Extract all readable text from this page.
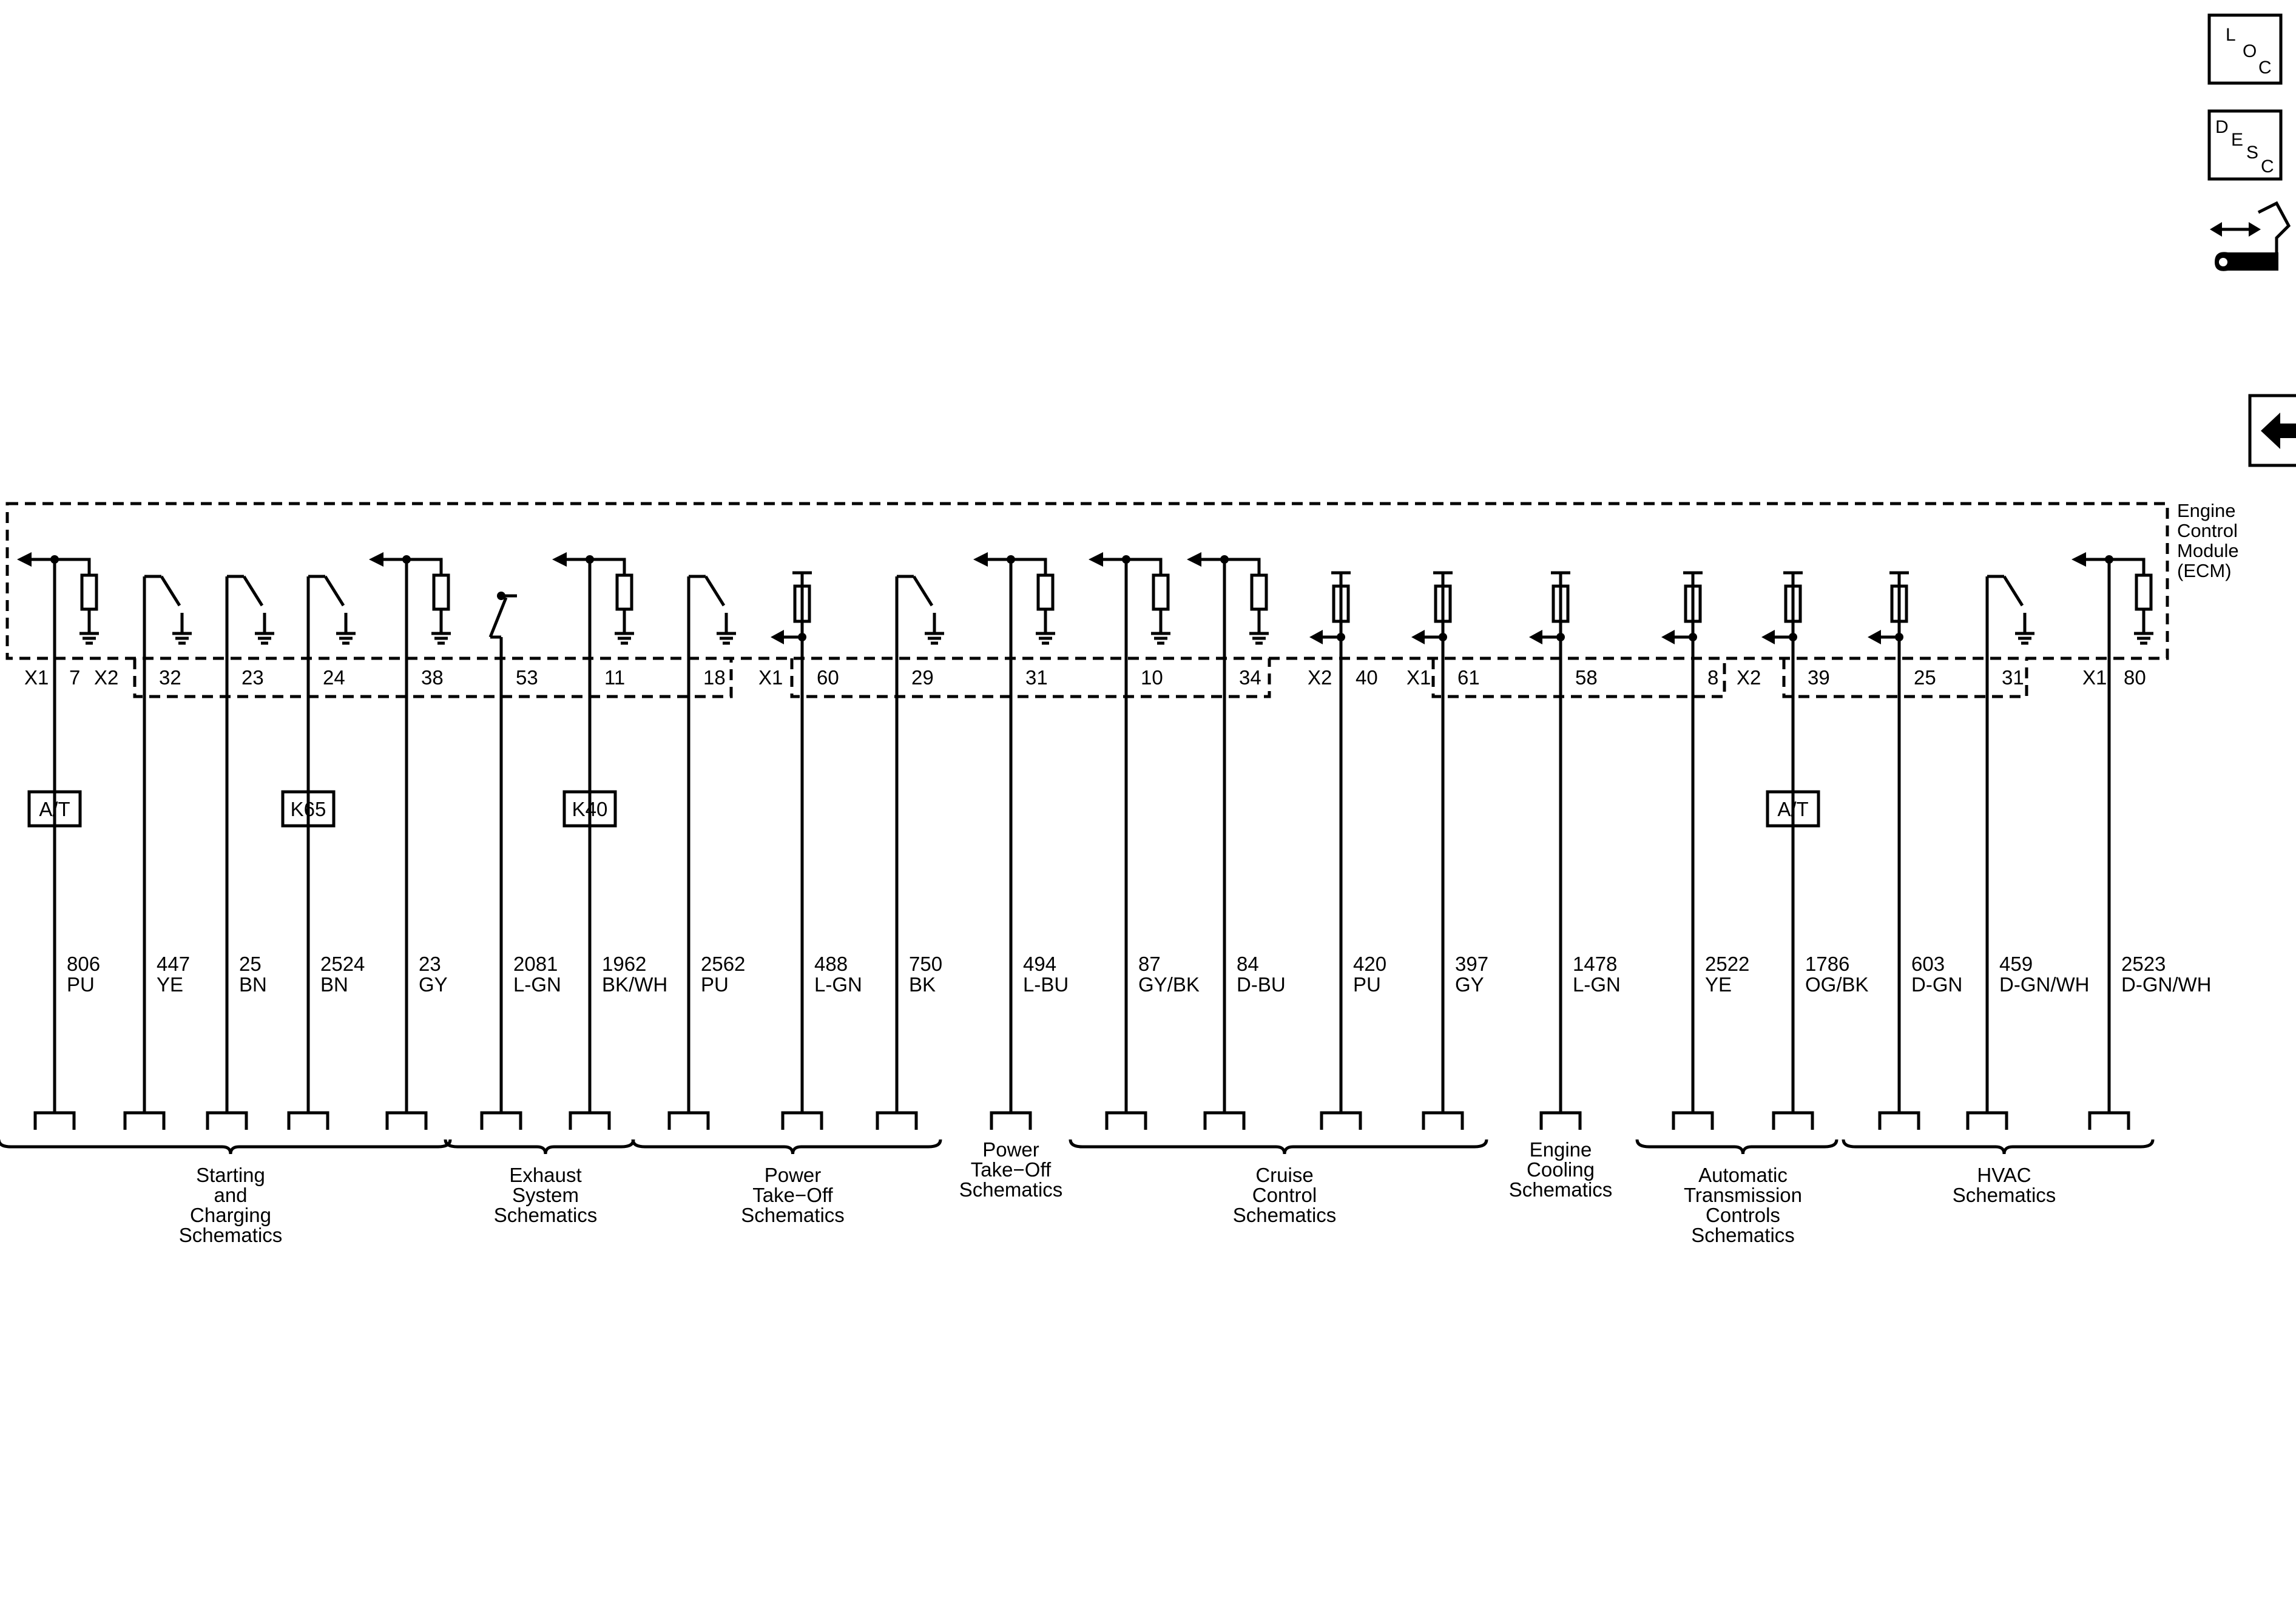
Engine
Control
Module
(ECM)
X1 X2	X1	X2	X1	X2	X1
7
806
PU
A/T
32
447
YE
23
25
BN
24
2524
BN
K65
38
23
GY
53
2081
L-GN
11
1962
BK/WH
K40
18
2562
PU
60
488
L-GN
29
750
BK
31
494
L-BU
10
87
GY/BK
34
84
D-BU
40
420
PU
61
397
GY
58
1478
L-GN
8
2522
YE
39
1786
OG/BK
A/T
25
603
D-GN
31
459
D-GN/WH
80
2523
D-GN/WH
Starting
and
Charging
Schematics
Exhaust
System
Schematics
Power
Take−Off
Schematics
Power
Take−Off
Schematics
Cruise
Control
Schematics
Engine
Cooling
Schematics
Automatic
Transmission
Controls
Schematics
HVAC
Schematics
L
O
C
D
E
S
C
